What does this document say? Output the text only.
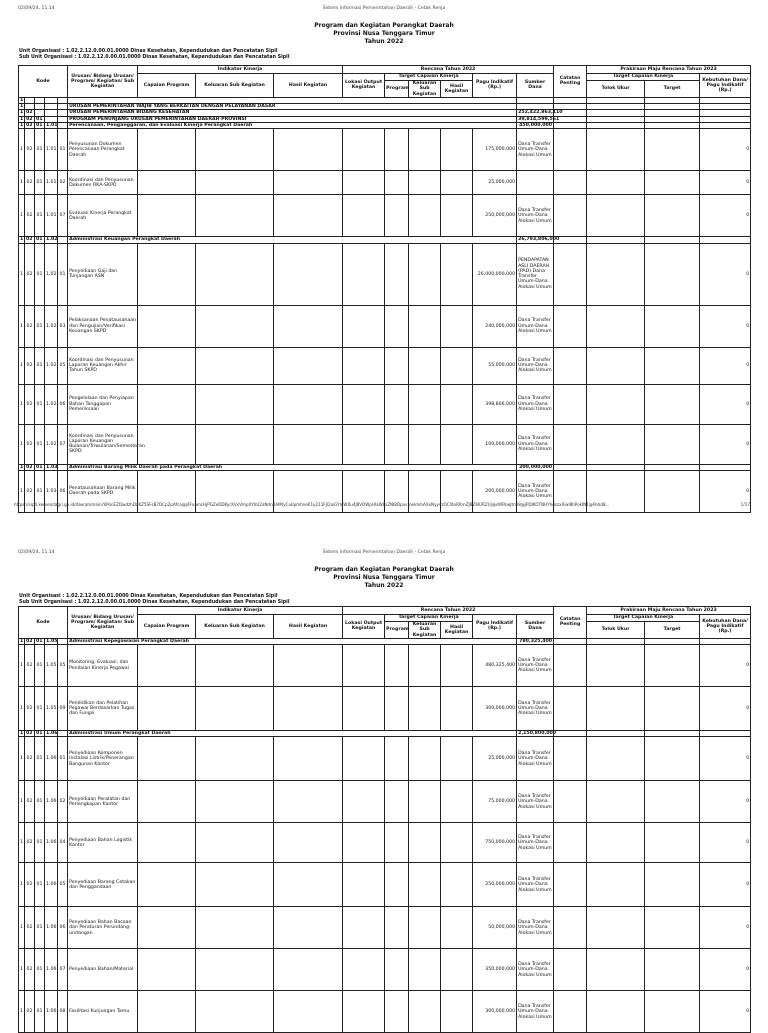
02/09/24, 11.14	Sistem Informasi Pemerintahan Daerah - Cetak Renja
Program dan Kegiatan Perangkat Daerah
Provinsi Nusa Tenggara Timur
Tahun 2022
Unit Organisasi : 1.02.2.12.0.00.01.0000 Dinas Kesehatan, Kependudukan dan Pencatatan Sipil
Sub Unit Organisasi : 1.02.2.12.0.00.01.0000 Dinas Kesehatan, Kependudukan dan Pencatatan Sipil
Kode					Urusan/ Bidang Urusan/ Program/ Kegiatan/ Sub Kegiatan	Indikator Kinerja			Rencana Tahun 2022						Catatan Penting	Prakiraan Maju Rencana Tahun 2023			
						Capaian Program	Keluaran Sub Kegiatan	Hasil Kegiatan	Lokasi Output Kegiatan	Target Capaian Kinerja			Pagu Indikatif (Rp.)	Sumber Dana		Target Capaian Kinerja		Kebutuhan Dana/ Pagu Indikatif (Rp.)	
										Program	Keluaran Sub Kegiatan	Hasil Kegiatan				Tolok Ukur	Target		
1																			
1					URUSAN PEMERINTAHAN WAJIB YANG BERKAITAN DENGAN PELAYANAN DASAR														
1	02				URUSAN PEMERINTAHAN BIDANG KESEHATAN									252,422,863,110					
1	02	01			PROGRAM PENUNJANG URUSAN PEMERINTAHAN DAERAH PROVINSI									39,814,599,561					
1	02	01	1.01		Perencanaan, Penganggaran, dan Evaluasi Kinerja Perangkat Daerah									450,000,000					
1	02	01	1.01	01	Penyusunan Dokumen Perencanaan Perangkat Daerah								175,000,000	Dana Transfer Umum-Dana Alokasi Umum				0	
1	02	01	1.01	02	Koordinasi dan Penyusunan Dokumen RKA-SKPD								25,000,000					0	
1	02	01	1.01	07	Evaluasi Kinerja Perangkat Daerah								250,000,000	Dana Transfer Umum-Dana Alokasi Umum				0	
1	02	01	1.02		Administrasi Keuangan Perangkat Daerah									26,793,806,000					
1	02	01	1.02	01	Penyediaan Gaji dan Tunjangan ASN								26,000,000,000	PENDAPATAN ASLI DAERAH (PAD) Dana Transfer Umum-Dana Alokasi Umum				0	
1	02	01	1.02	03	Pelaksanaan Penatausahaan dan Pengujian/Verifikasi Keuangan SKPD								240,000,000	Dana Transfer Umum-Dana Alokasi Umum				0	
1	02	01	1.02	05	Koordinasi dan Penyusunan Laporan Keuangan Akhir Tahun SKPD								55,000,000	Dana Transfer Umum-Dana Alokasi Umum				0	
1	02	01	1.02	06	Pengelolaan dan Penyiapan Bahan Tanggapan Pemeriksaan								398,806,000	Dana Transfer Umum-Dana Alokasi Umum				0	
1	02	01	1.02	07	Koordinasi dan Penyusunan Laporan Keuangan Bulanan/Triwulanan/Semesteran SKPD								100,000,000	Dana Transfer Umum-Dana Alokasi Umum				0	
1	02	01	1.03		Administrasi Barang Milik Daerah pada Perangkat Daerah									200,000,000					
1	02	01	1.03	06	Penatausahaan Barang Milik Daerah pada SKPD								200,000,000	Dana Transfer Umum-Dana Alokasi Umum				0	
https://sipd.kemendagri.go.id/daerah/main?kPonEZDwdzhDaKZ5SFsB7DCp2pAfca@j4FxamcHjPGZeDDKyrXVxVmpXYhU2aNdn4AMtyCuIqimhneK1y211FJl2oiGYIoWXu4J8VOWpHIaWFsZNI8DpovmekhmAXxNyyvzOClXoRRmZJBZ6K/RZUj@sWPkwJtml8@jPDIKOTNHYhdszxlFwl8hPokIN1@Pohd8...	1/17
02/09/24, 11.14	Sistem Informasi Pemerintahan Daerah - Cetak Renja
Program dan Kegiatan Perangkat Daerah
Provinsi Nusa Tenggara Timur
Tahun 2022
Unit Organisasi : 1.02.2.12.0.00.01.0000 Dinas Kesehatan, Kependudukan dan Pencatatan Sipil
Sub Unit Organisasi : 1.02.2.12.0.00.01.0000 Dinas Kesehatan, Kependudukan dan Pencatatan Sipil
Kode					Urusan/ Bidang Urusan/ Program/ Kegiatan/ Sub Kegiatan	Indikator Kinerja			Rencana Tahun 2022						Catatan Penting	Prakiraan Maju Rencana Tahun 2023			
						Capaian Program	Keluaran Sub Kegiatan	Hasil Kegiatan	Lokasi Output Kegiatan	Target Capaian Kinerja			Pagu Indikatif (Rp.)	Sumber Dana		Target Capaian Kinerja		Kebutuhan Dana/ Pagu Indikatif (Rp.)	
										Program	Keluaran Sub Kegiatan	Hasil Kegiatan				Tolok Ukur	Target		
1	02	01	1.05		Administrasi Kepegawaian Perangkat Daerah									780,325,400					
1	02	01	1.05	05	Monitoring, Evaluasi, dan Penilaian Kinerja Pegawai								480,325,400	Dana Transfer Umum-Dana Alokasi Umum				0	
1	02	01	1.05	09	Pendidikan dan Pelatihan Pegawai Berdasarkan Tugas dan Fungsi								300,000,000	Dana Transfer Umum-Dana Alokasi Umum				0	
1	02	01	1.06		Administrasi Umum Perangkat Daerah									2,150,800,000					
1	02	01	1.06	01	Penyediaan Komponen Instalasi Listrik/Penerangan Bangunan Kantor								25,000,000	Dana Transfer Umum-Dana Alokasi Umum				0	
1	02	01	1.06	02	Penyediaan Peralatan dan Perlengkapan Kantor								75,000,000	Dana Transfer Umum-Dana Alokasi Umum				0	
1	02	01	1.06	04	Penyediaan Bahan Logistik Kantor								750,000,000	Dana Transfer Umum-Dana Alokasi Umum				0	
1	02	01	1.06	05	Penyediaan Barang Cetakan dan Penggandaan								250,000,000	Dana Transfer Umum-Dana Alokasi Umum				0	
1	02	01	1.06	06	Penyediaan Bahan Bacaan dan Peraturan Perundang-undangan								50,000,000	Dana Transfer Umum-Dana Alokasi Umum				0	
1	02	01	1.06	07	Penyediaan Bahan/Material								350,000,000	Dana Transfer Umum-Dana Alokasi Umum				0	
1	02	01	1.06	08	Fasilitasi Kunjungan Tamu								300,000,000	Dana Transfer Umum-Dana Alokasi Umum				0	
